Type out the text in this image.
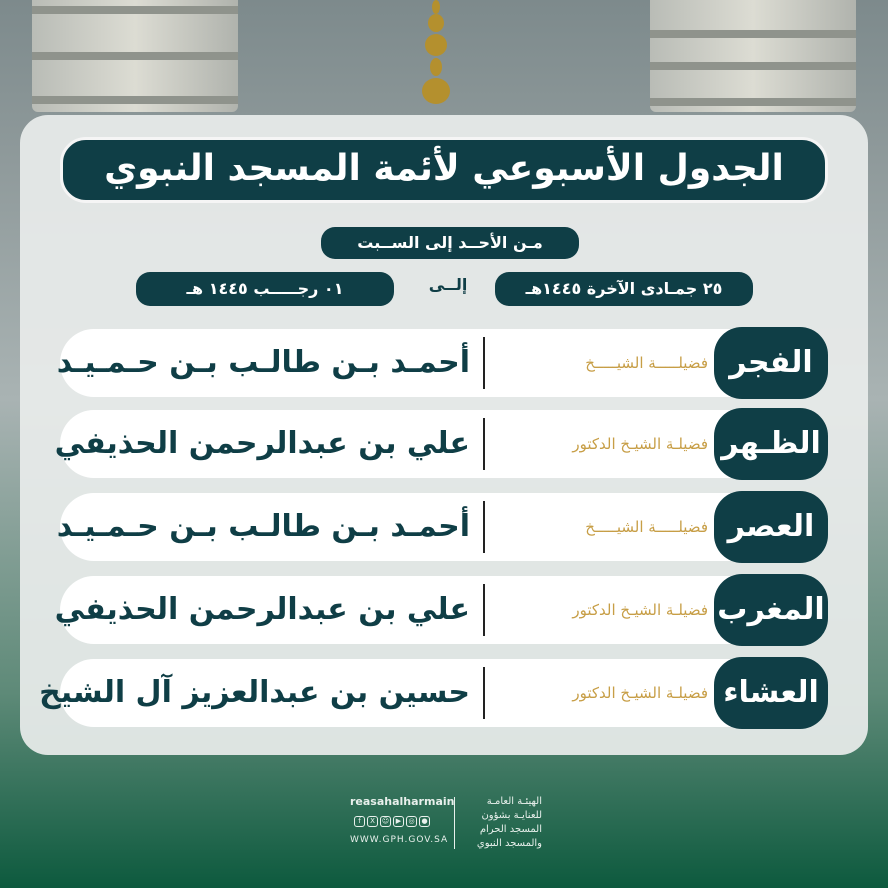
الجدول الأسبوعي لأئمة المسجد النبوي
مـن الأحــد إلى الســبت
٢٥ جمـادى الآخرة ١٤٤٥هـ
إلــى
٠١ رجـــــب ١٤٤٥ هـ
الفجر
فضيلـــــة الشيـــــخ
أحمـد بـن طالـب بـن حـمـيـد
الظـهر
فضيلـة الشيـخ الدكتور
علي بن عبدالرحمن الحذيفي
العصر
فضيلـــــة الشيـــــخ
أحمـد بـن طالـب بـن حـمـيـد
المغرب
فضيلـة الشيـخ الدكتور
علي بن عبدالرحمن الحذيفي
العشاء
فضيلـة الشيـخ الدكتور
حسين بن عبدالعزيز آل الشيخ
reasahalharmain
f	X ☺ ▶	◎ ●
WWW.GPH.GOV.SA
الهيئـة العامـة
للعنايـة بشؤون
المسجد الحرام
والمسجد النبوي
